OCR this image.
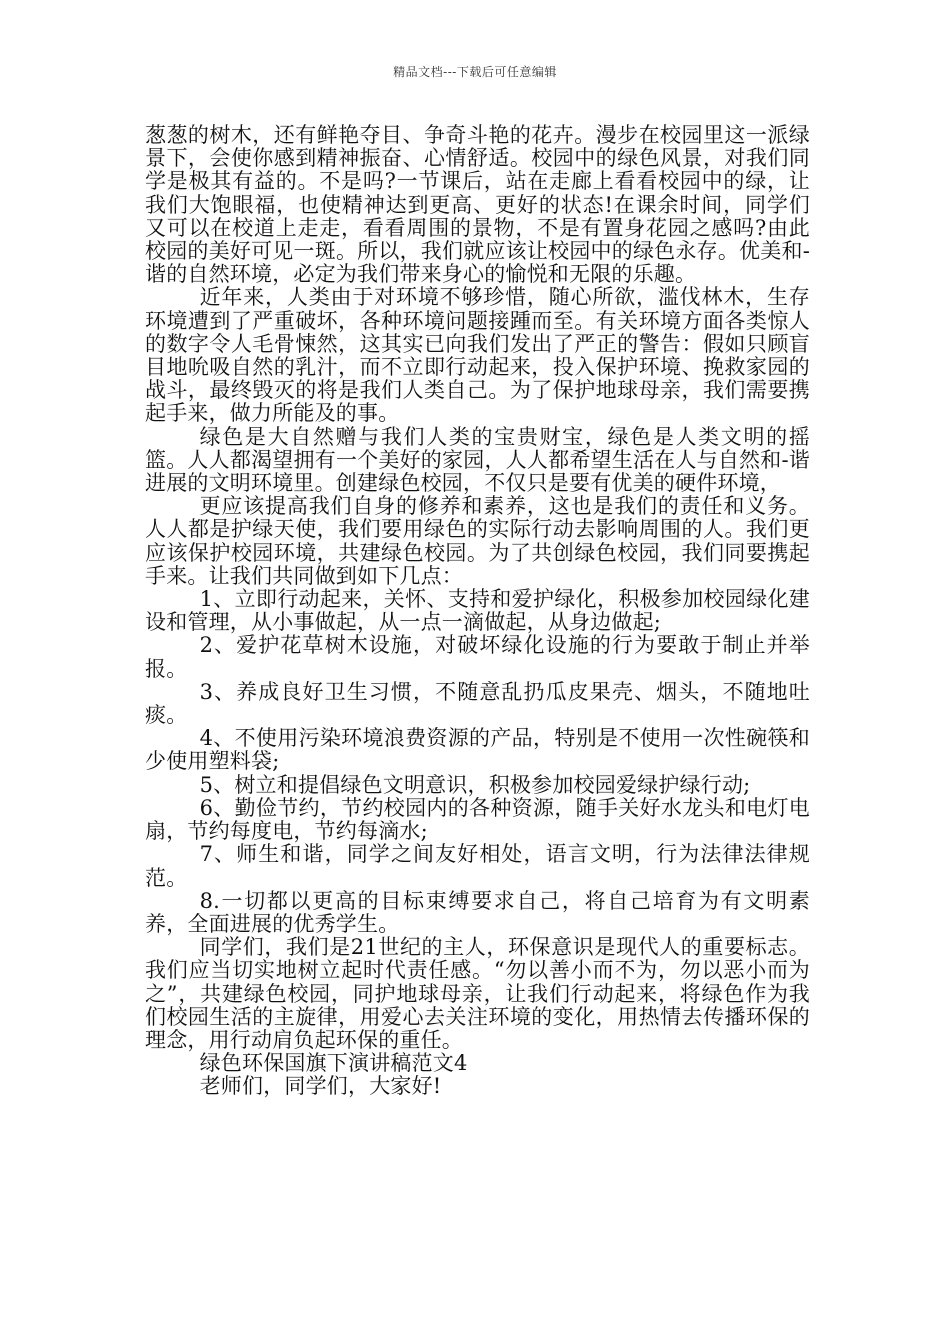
精品文档---下载后可任意编辑

葱葱的树木，还有鲜艳夺目、争奇斗艳的花卉。漫步在校园里这一派绿景下，会使你感到精神振奋、心情舒适。校园中的绿色风景，对我们同学是极其有益的。不是吗?一节课后，站在走廊上看看校园中的绿，让我们大饱眼福，也使精神达到更高、更好的状态!在课余时间，同学们又可以在校道上走走，看看周围的景物，不是有置身花园之感吗?由此校园的美好可见一斑。所以，我们就应该让校园中的绿色永存。优美和-谐的自然环境，必定为我们带来身心的愉悦和无限的乐趣。

近年来，人类由于对环境不够珍惜，随心所欲，滥伐林木，生存环境遭到了严重破坏，各种环境问题接踵而至。有关环境方面各类惊人的数字令人毛骨悚然，这其实已向我们发出了严正的警告：假如只顾盲目地吮吸自然的乳汁，而不立即行动起来，投入保护环境、挽救家园的战斗，最终毁灭的将是我们人类自己。为了保护地球母亲，我们需要携起手来，做力所能及的事。

绿色是大自然赠与我们人类的宝贵财宝，绿色是人类文明的摇篮。人人都渴望拥有一个美好的家园，人人都希望生活在人与自然和-谐进展的文明环境里。创建绿色校园，不仅只是要有优美的硬件环境，

更应该提高我们自身的修养和素养，这也是我们的责任和义务。人人都是护绿天使，我们要用绿色的实际行动去影响周围的人。我们更应该保护校园环境，共建绿色校园。为了共创绿色校园，我们同要携起手来。让我们共同做到如下几点：

1、立即行动起来，关怀、支持和爱护绿化，积极参加校园绿化建设和管理，从小事做起，从一点一滴做起，从身边做起;

2、爱护花草树木设施，对破坏绿化设施的行为要敢于制止并举报。

3、养成良好卫生习惯，不随意乱扔瓜皮果壳、烟头，不随地吐痰。

4、不使用污染环境浪费资源的产品，特别是不使用一次性碗筷和少使用塑料袋;

5、树立和提倡绿色文明意识，积极参加校园爱绿护绿行动;

6、勤俭节约，节约校园内的各种资源，随手关好水龙头和电灯电扇，节约每度电，节约每滴水;

7、师生和谐，同学之间友好相处，语言文明，行为法律法律规范。

8.一切都以更高的目标束缚要求自己，将自己培育为有文明素养，全面进展的优秀学生。

同学们，我们是21世纪的主人，环保意识是现代人的重要标志。我们应当切实地树立起时代责任感。“勿以善小而不为，勿以恶小而为之”，共建绿色校园，同护地球母亲，让我们行动起来，将绿色作为我们校园生活的主旋律，用爱心去关注环境的变化，用热情去传播环保的理念，用行动肩负起环保的重任。

绿色环保国旗下演讲稿范文4

老师们，同学们，大家好!
